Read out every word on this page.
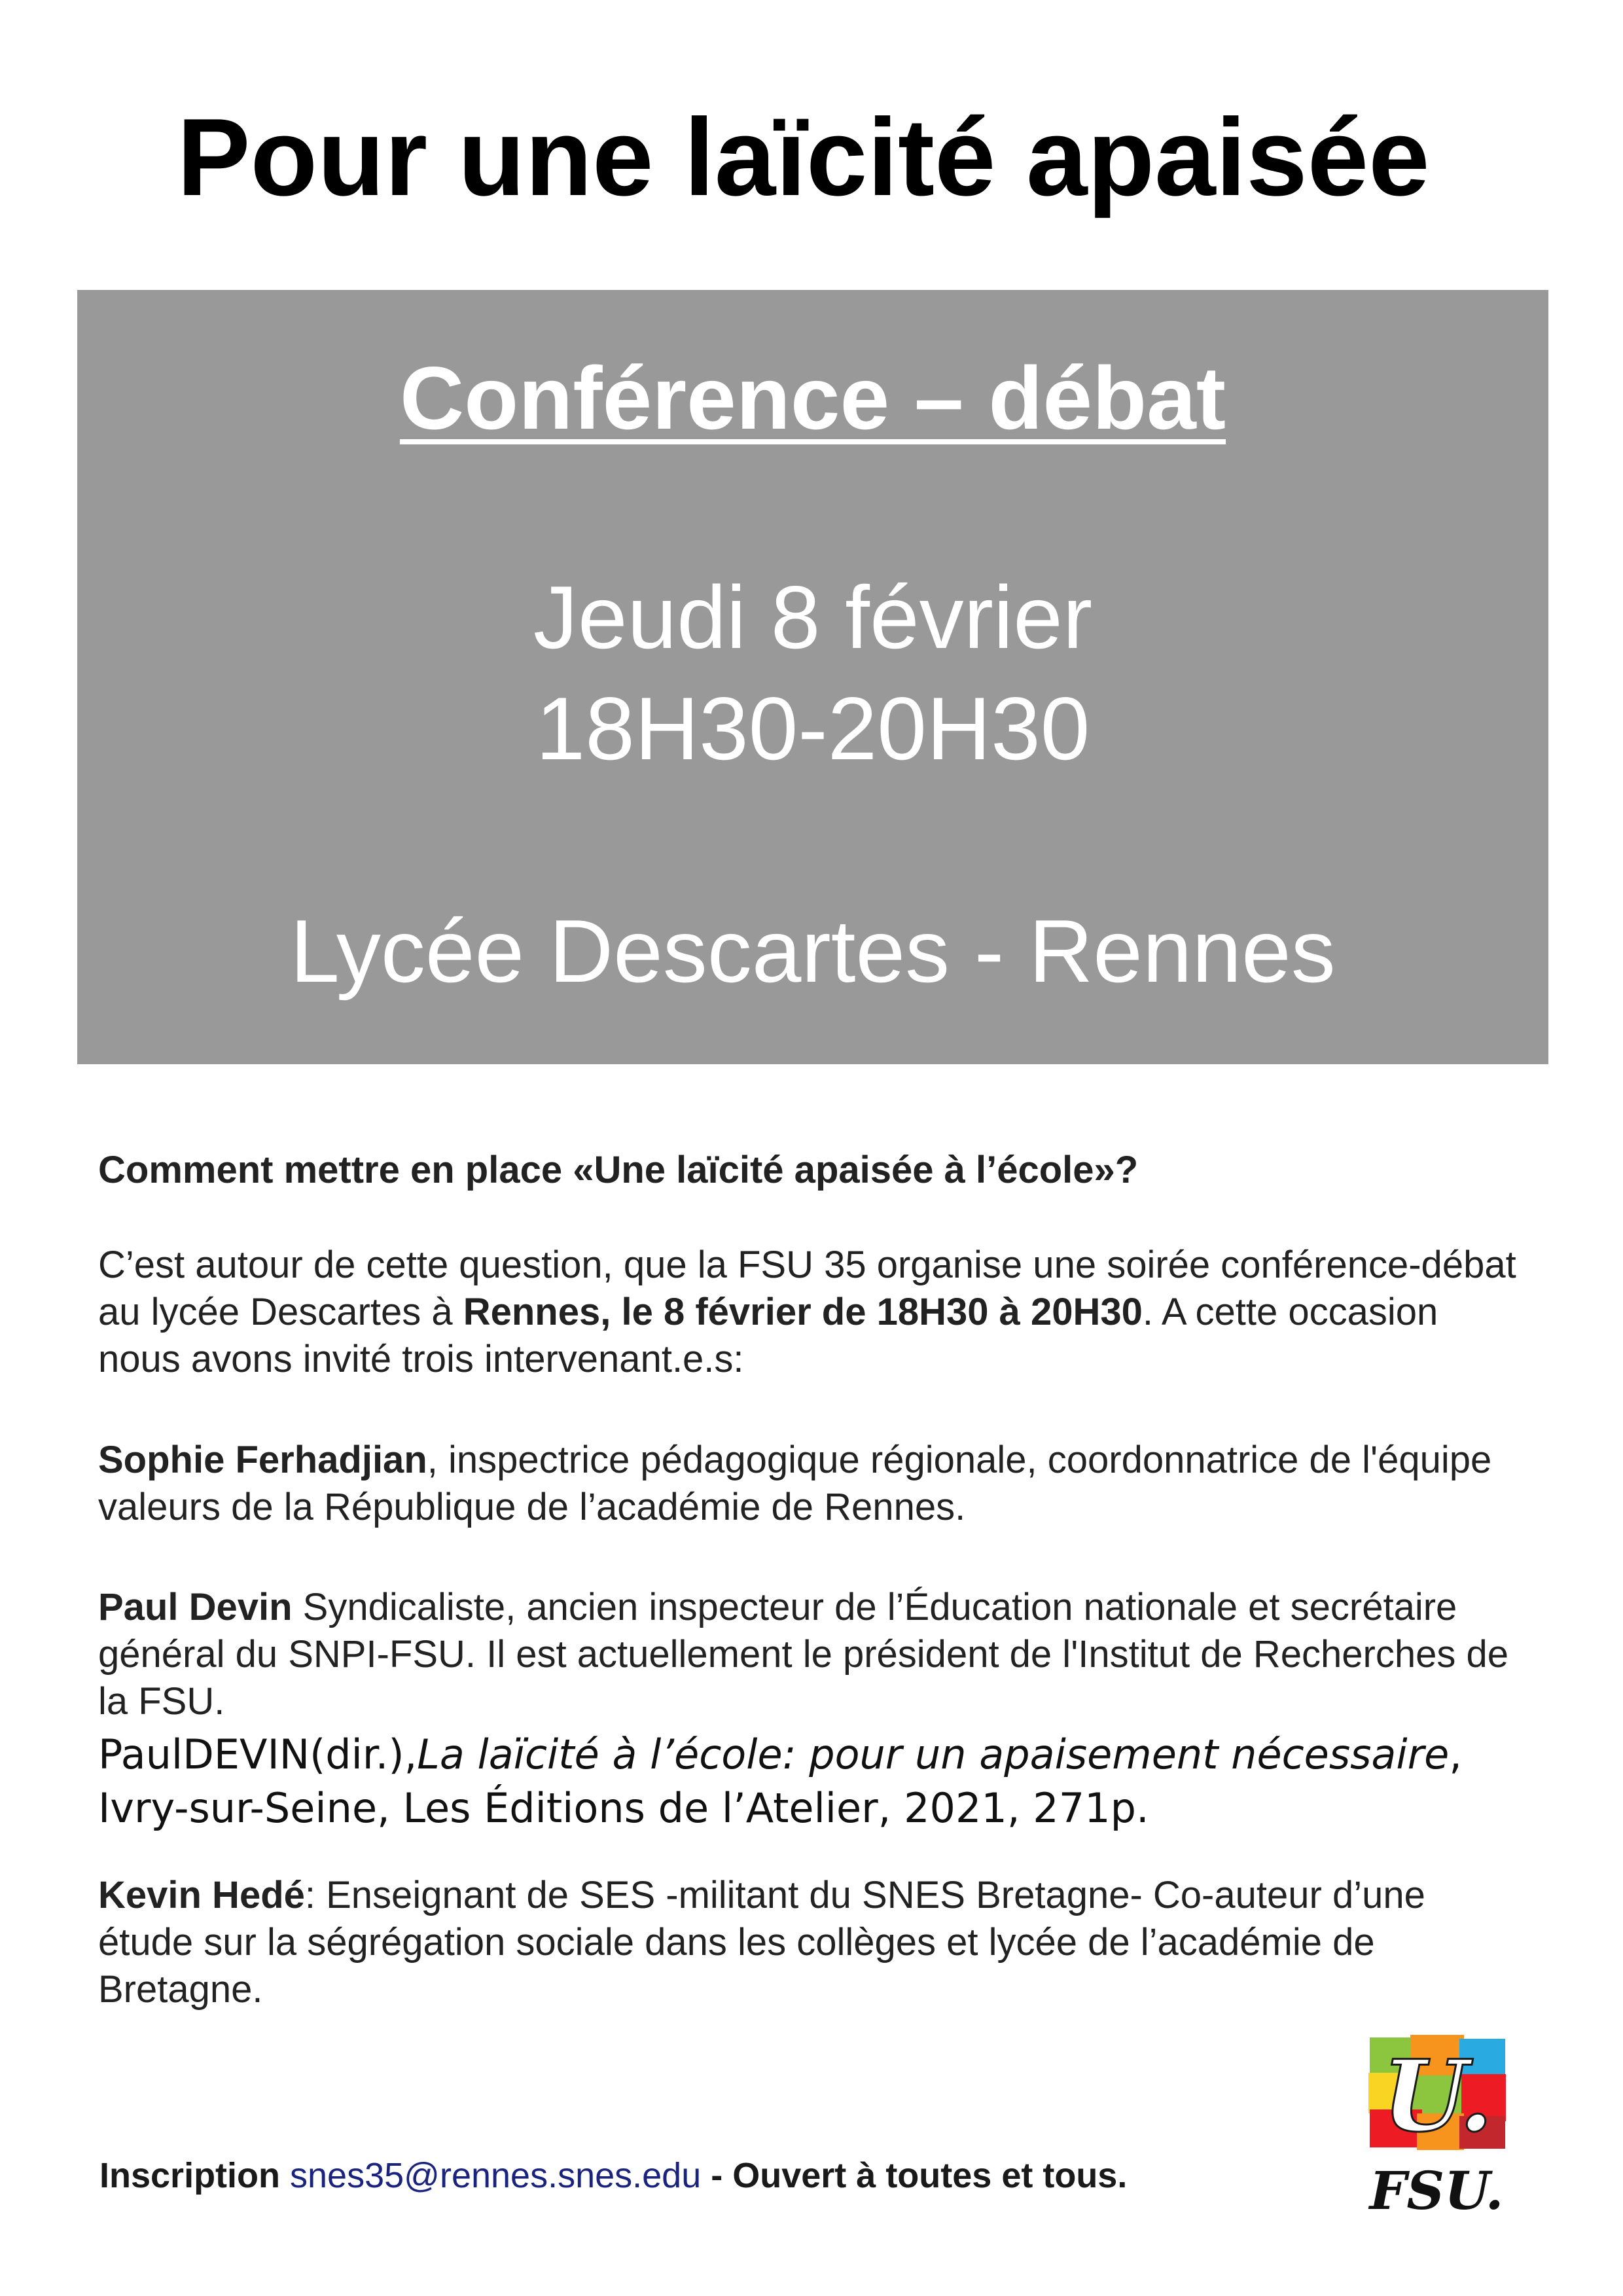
Pour une laïcité apaisée
Conférence – débat
Jeudi 8 février
18H30-20H30
Lycée Descartes - Rennes

Comment mettre en place «Une laïcité apaisée à l’école»?

C’est autour de cette question, que la FSU 35 organise une soirée conférence-débat au lycée Descartes à Rennes, le 8 février de 18H30 à 20H30. A cette occasion nous avons invité trois intervenant.e.s:

Sophie Ferhadjian, inspectrice pédagogique régionale, coordonnatrice de l'équipe valeurs de la République de l’académie de Rennes.

Paul Devin Syndicaliste, ancien inspecteur de l’Éducation nationale et secrétaire général du SNPI-FSU. Il est actuellement le président de l'Institut de Recherches de la FSU.

PaulDEVIN(dir.),La laïcité à l’école: pour un apaisement nécessaire, Ivry-sur-Seine, Les Éditions de l’Atelier, 2021, 271p.

Kevin Hedé: Enseignant de SES -militant du SNES Bretagne- Co-auteur d’une étude sur la ségrégation sociale dans les collèges et lycée de l’académie de Bretagne.

Inscription snes35@rennes.snes.edu - Ouvert à toutes et tous.
U.
FSU.
